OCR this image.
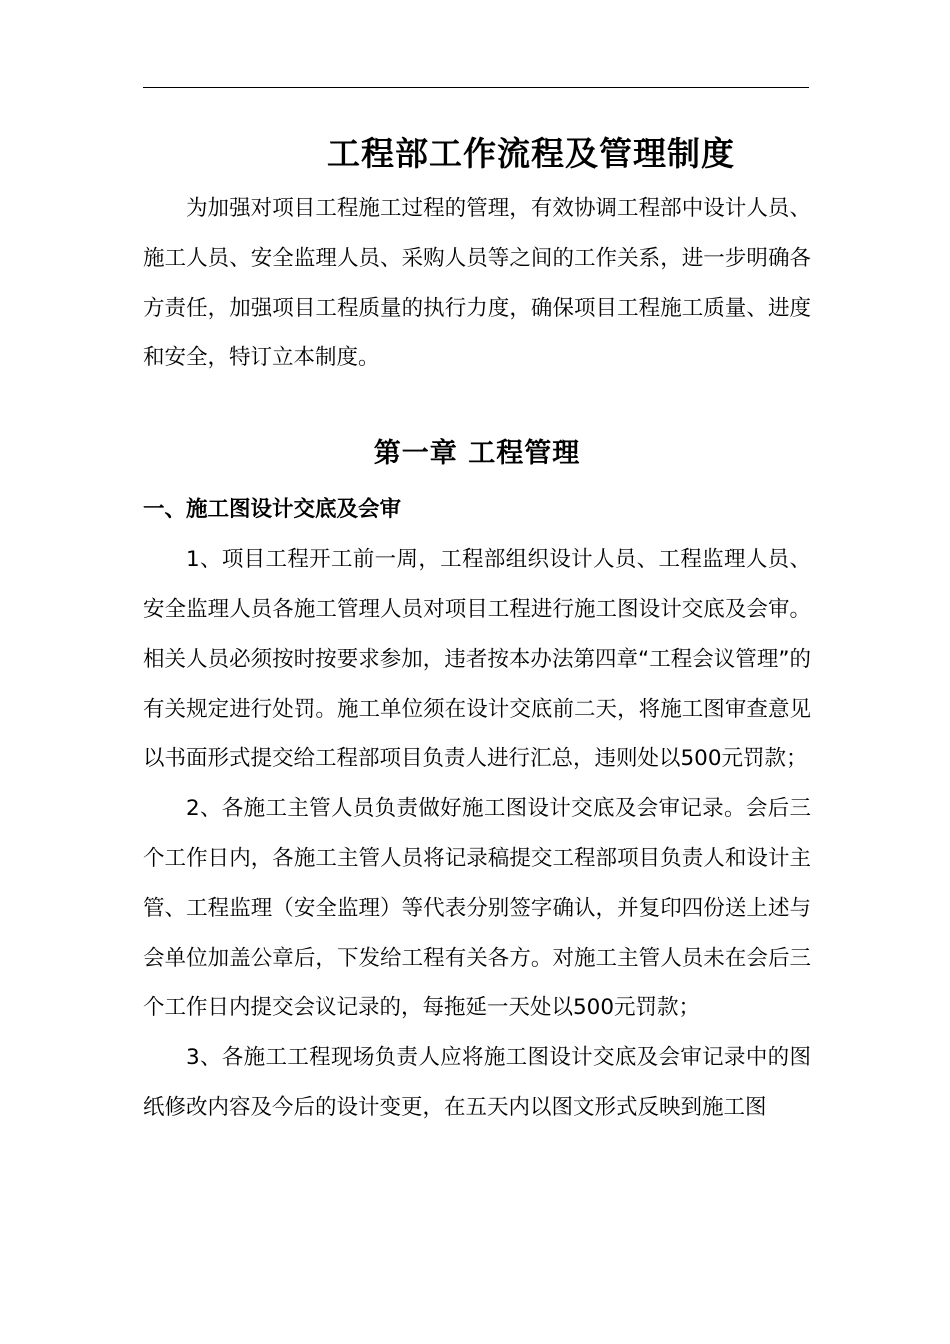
工程部工作流程及管理制度

为加强对项目工程施工过程的管理，有效协调工程部中设计人员、施工人员、安全监理人员、采购人员等之间的工作关系，进一步明确各方责任，加强项目工程质量的执行力度，确保项目工程施工质量、进度和安全，特订立本制度。

第一章 工程管理
一、施工图设计交底及会审

1、项目工程开工前一周，工程部组织设计人员、工程监理人员、安全监理人员各施工管理人员对项目工程进行施工图设计交底及会审。相关人员必须按时按要求参加，违者按本办法第四章“工程会议管理”的有关规定进行处罚。施工单位须在设计交底前二天，将施工图审查意见以书面形式提交给工程部项目负责人进行汇总，违则处以500元罚款；

2、各施工主管人员负责做好施工图设计交底及会审记录。会后三个工作日内，各施工主管人员将记录稿提交工程部项目负责人和设计主管、工程监理（安全监理）等代表分别签字确认，并复印四份送上述与会单位加盖公章后，下发给工程有关各方。对施工主管人员未在会后三个工作日内提交会议记录的，每拖延一天处以500元罚款；

3、各施工工程现场负责人应将施工图设计交底及会审记录中的图纸修改内容及今后的设计变更，在五天内以图文形式反映到施工图
